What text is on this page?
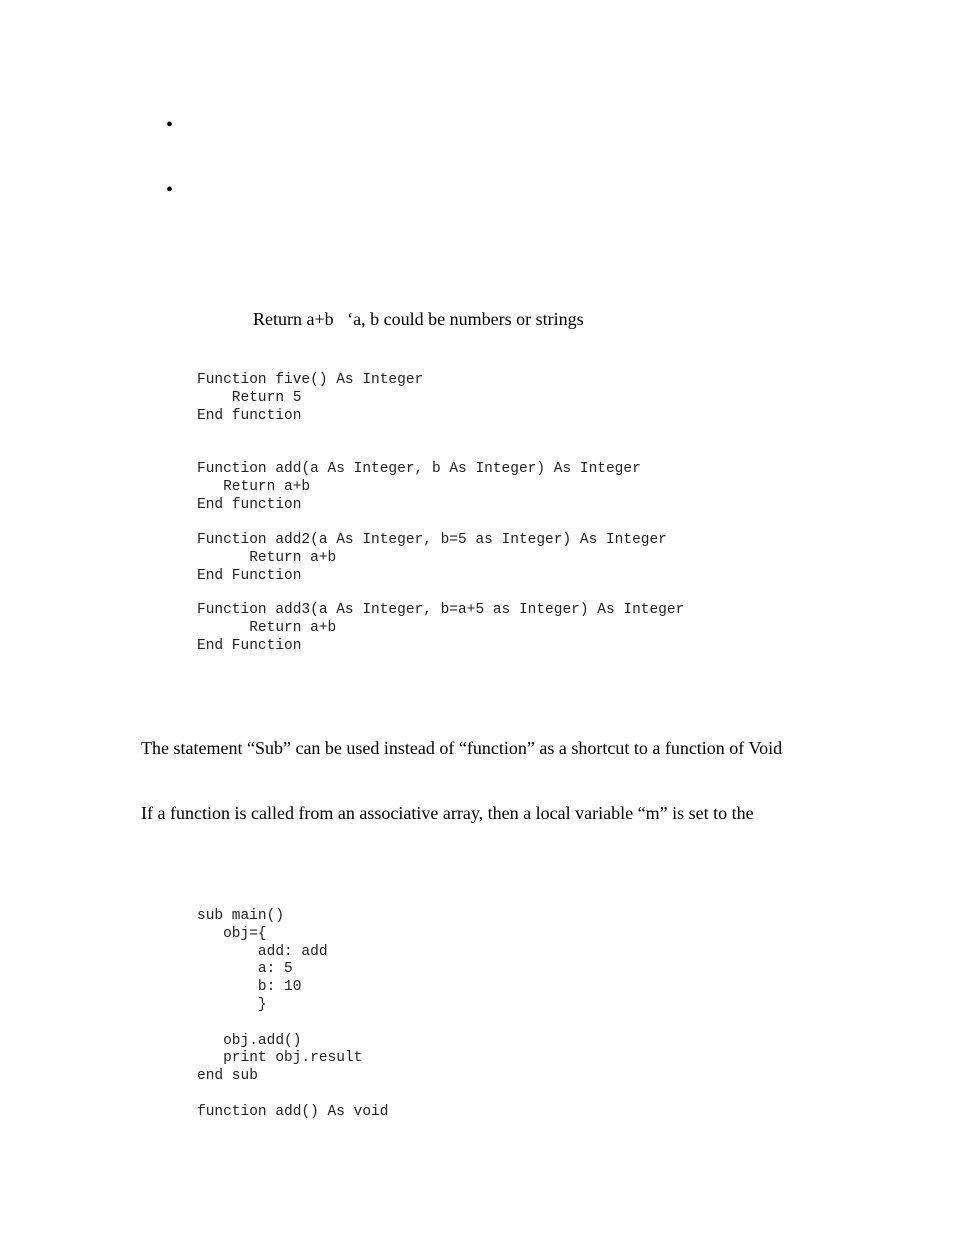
•
•
Return a+b   ‘a, b could be numbers or strings
Function five() As Integer
Return 5
End function
Function add(a As Integer, b As Integer) As Integer
Return a+b
End function
Function add2(a As Integer, b=5 as Integer) As Integer
Return a+b
End Function
Function add3(a As Integer, b=a+5 as Integer) As Integer
Return a+b
End Function
The statement “Sub” can be used instead of “function” as a shortcut to a function of Void
If a function is called from an associative array, then a local variable “m” is set to the
sub main()
obj={
add: add
a: 5
b: 10
}

obj.add()
print obj.result
end sub

function add() As void
